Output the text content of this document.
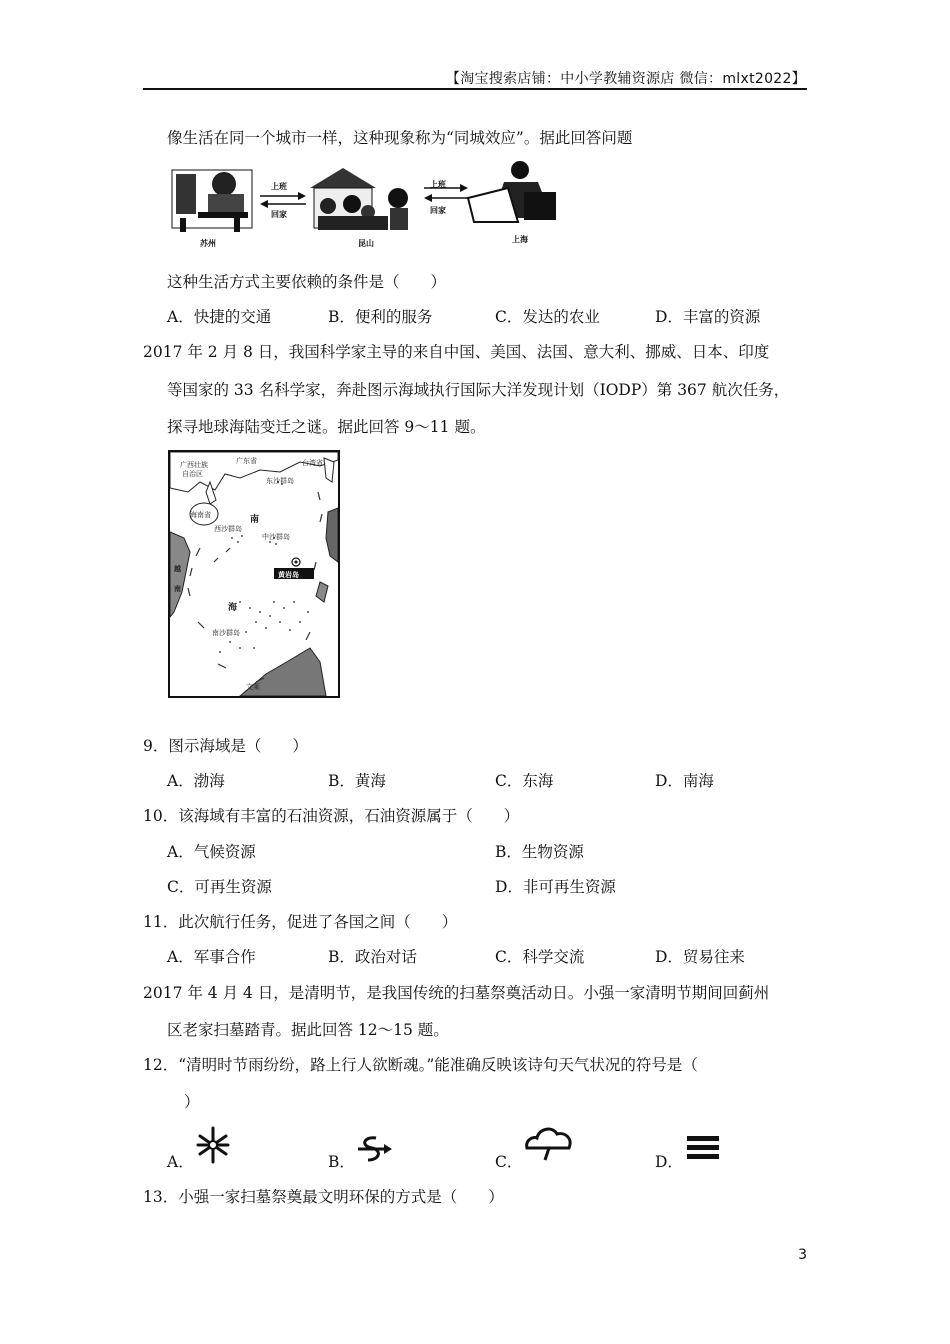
【淘宝搜索店铺：中小学教辅资源店 微信：mlxt2022】
像生活在同一个城市一样，这种现象称为“同城效应”。据此回答问题
上班
回家
上班
回家
苏州	昆山	上海
这种生活方式主要依赖的条件是（　　）
A．快捷的交通	B．便利的服务	C．发达的农业	D．丰富的资源
2017 年 2 月 8 日，我国科学家主导的来自中国、美国、法国、意大利、挪威、日本、印度
等国家的 33 名科学家，奔赴图示海域执行国际大洋发现计划（IODP）第 367 航次任务，
探寻地球海陆变迁之谜。据此回答 9～11 题。
广西壮族
自治区
广东省	台湾省
东沙群岛
海南省	南
西沙群岛
中沙群岛
黄岩岛
海
南沙群岛
越
南
文莱
9．图示海域是（　　）
A．渤海	B．黄海	C．东海	D．南海
10．该海域有丰富的石油资源，石油资源属于（　　）
A．气候资源	B．生物资源
C．可再生资源	D．非可再生资源
11．此次航行任务，促进了各国之间（　　）
A．军事合作	B．政治对话	C．科学交流	D．贸易往来
2017 年 4 月 4 日，是清明节，是我国传统的扫墓祭奠活动日。小强一家清明节期间回蓟州
区老家扫墓踏青。据此回答 12～15 题。
12．“清明时节雨纷纷，路上行人欲断魂。”能准确反映该诗句天气状况的符号是（
）
A．	B．	C．	D．
13．小强一家扫墓祭奠最文明环保的方式是（　　）
3
